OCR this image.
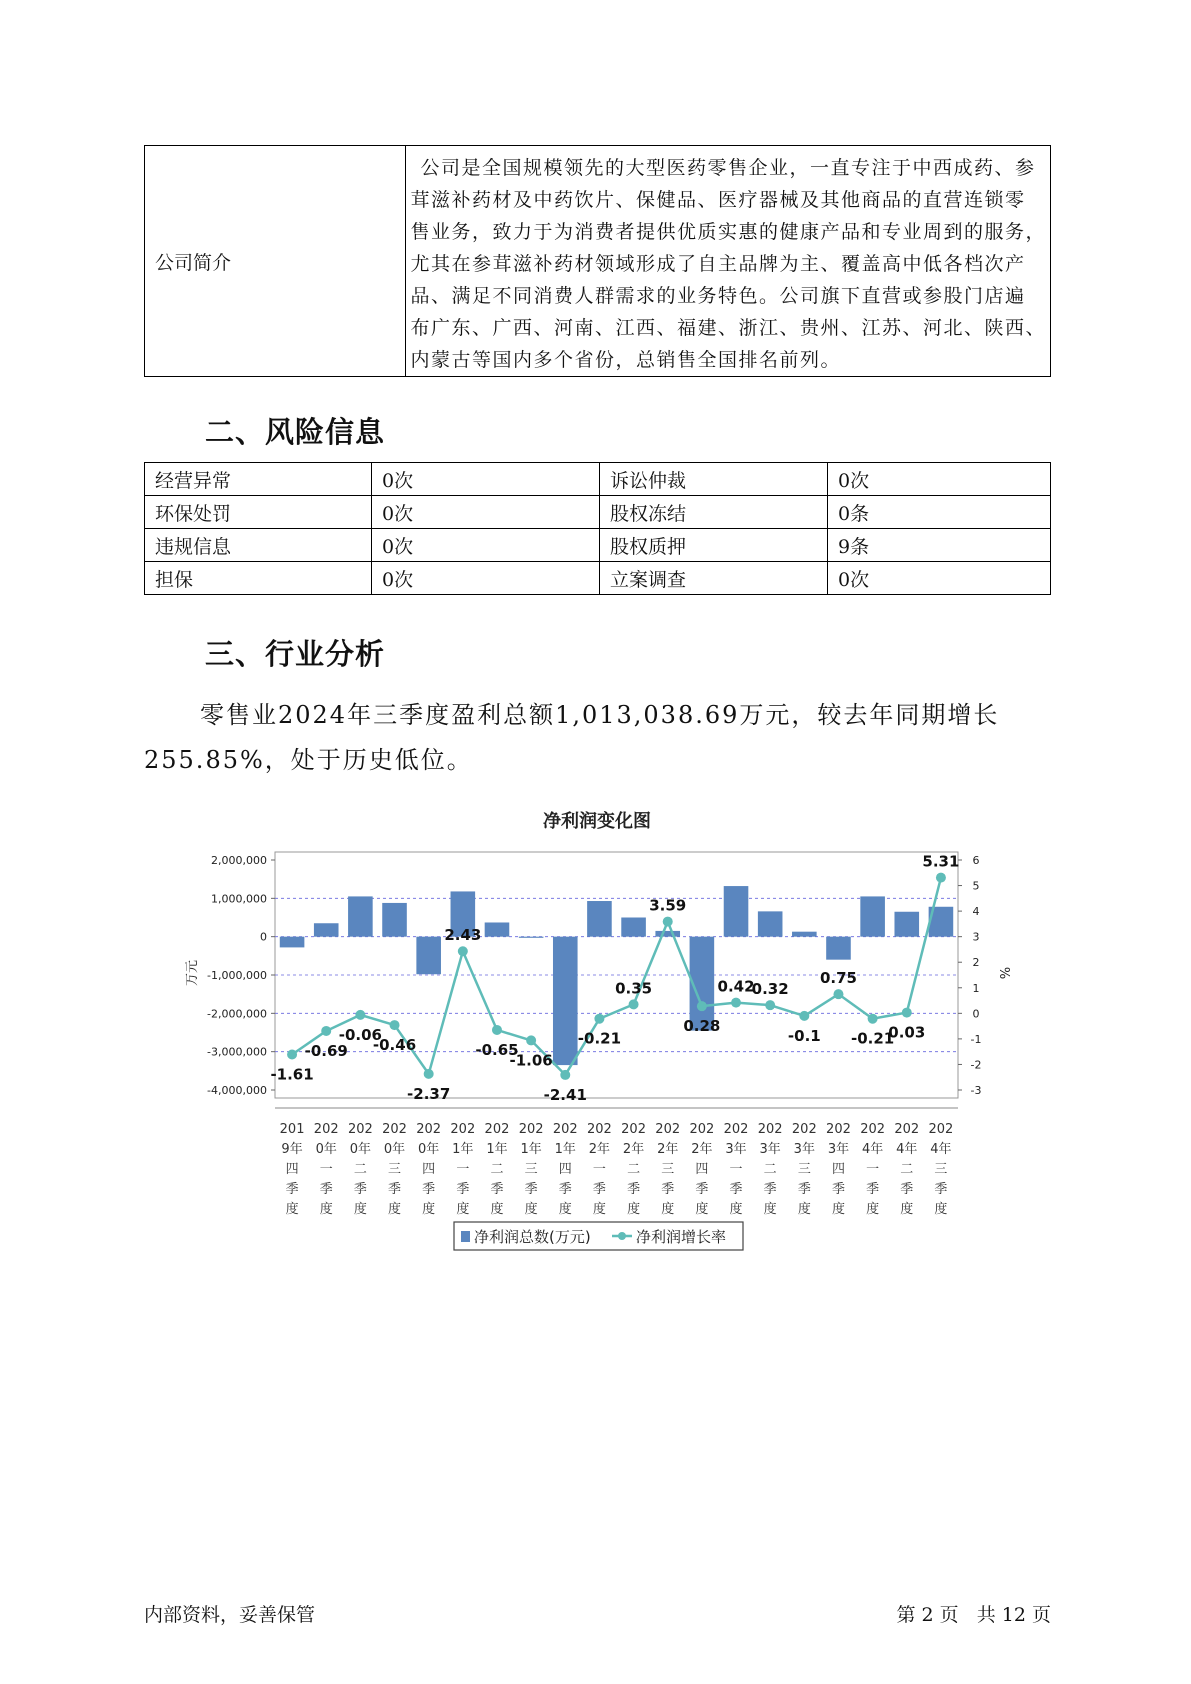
公司简介	
公司是全国规模领先的大型医药零售企业，一直专注于中西成药、参
茸滋补药材及中药饮片、保健品、医疗器械及其他商品的直营连锁零
售业务，致力于为消费者提供优质实惠的健康产品和专业周到的服务，
尤其在参茸滋补药材领域形成了自主品牌为主、覆盖高中低各档次产
品、满足不同消费人群需求的业务特色。公司旗下直营或参股门店遍
布广东、广西、河南、江西、福建、浙江、贵州、江苏、河北、陕西、
内蒙古等国内多个省份，总销售全国排名前列。
二、风险信息
经营异常	0次	诉讼仲裁	0次
环保处罚	0次	股权冻结	0条
违规信息	0次	股权质押	9条
担保	0次	立案调查	0次
三、行业分析
零售业2024年三季度盈利总额1,013,038.69万元，较去年同期增长
255.85%，处于历史低位。
净利润变化图
2,000,000
1,000,000
0
-1,000,000
-2,000,000
-3,000,000
-4,000,000
6
5
4
3
2
1
0
-1
-2
-3
-1.61
-0.69
-0.06
-0.46
-2.37
2.43
-0.65
-1.06
-2.41
-0.21
0.35
3.59
0.28
0.42
0.32
-0.1
0.75
-0.21
0.03
5.31
201
9年
四
季
度
202
0年
一
季
度
202
0年
二
季
度
202
0年
三
季
度
202
0年
四
季
度
202
1年
一
季
度
202
1年
二
季
度
202
1年
三
季
度
202
1年
四
季
度
202
2年
一
季
度
202
2年
二
季
度
202
2年
三
季
度
202
2年
四
季
度
202
3年
一
季
度
202
3年
二
季
度
202
3年
三
季
度
202
3年
四
季
度
202
4年
一
季
度
202
4年
二
季
度
202
4年
三
季
度
万元	%
净利润总数(万元)	净利润增长率
内部资料，妥善保管	第 2 页   共 12 页
